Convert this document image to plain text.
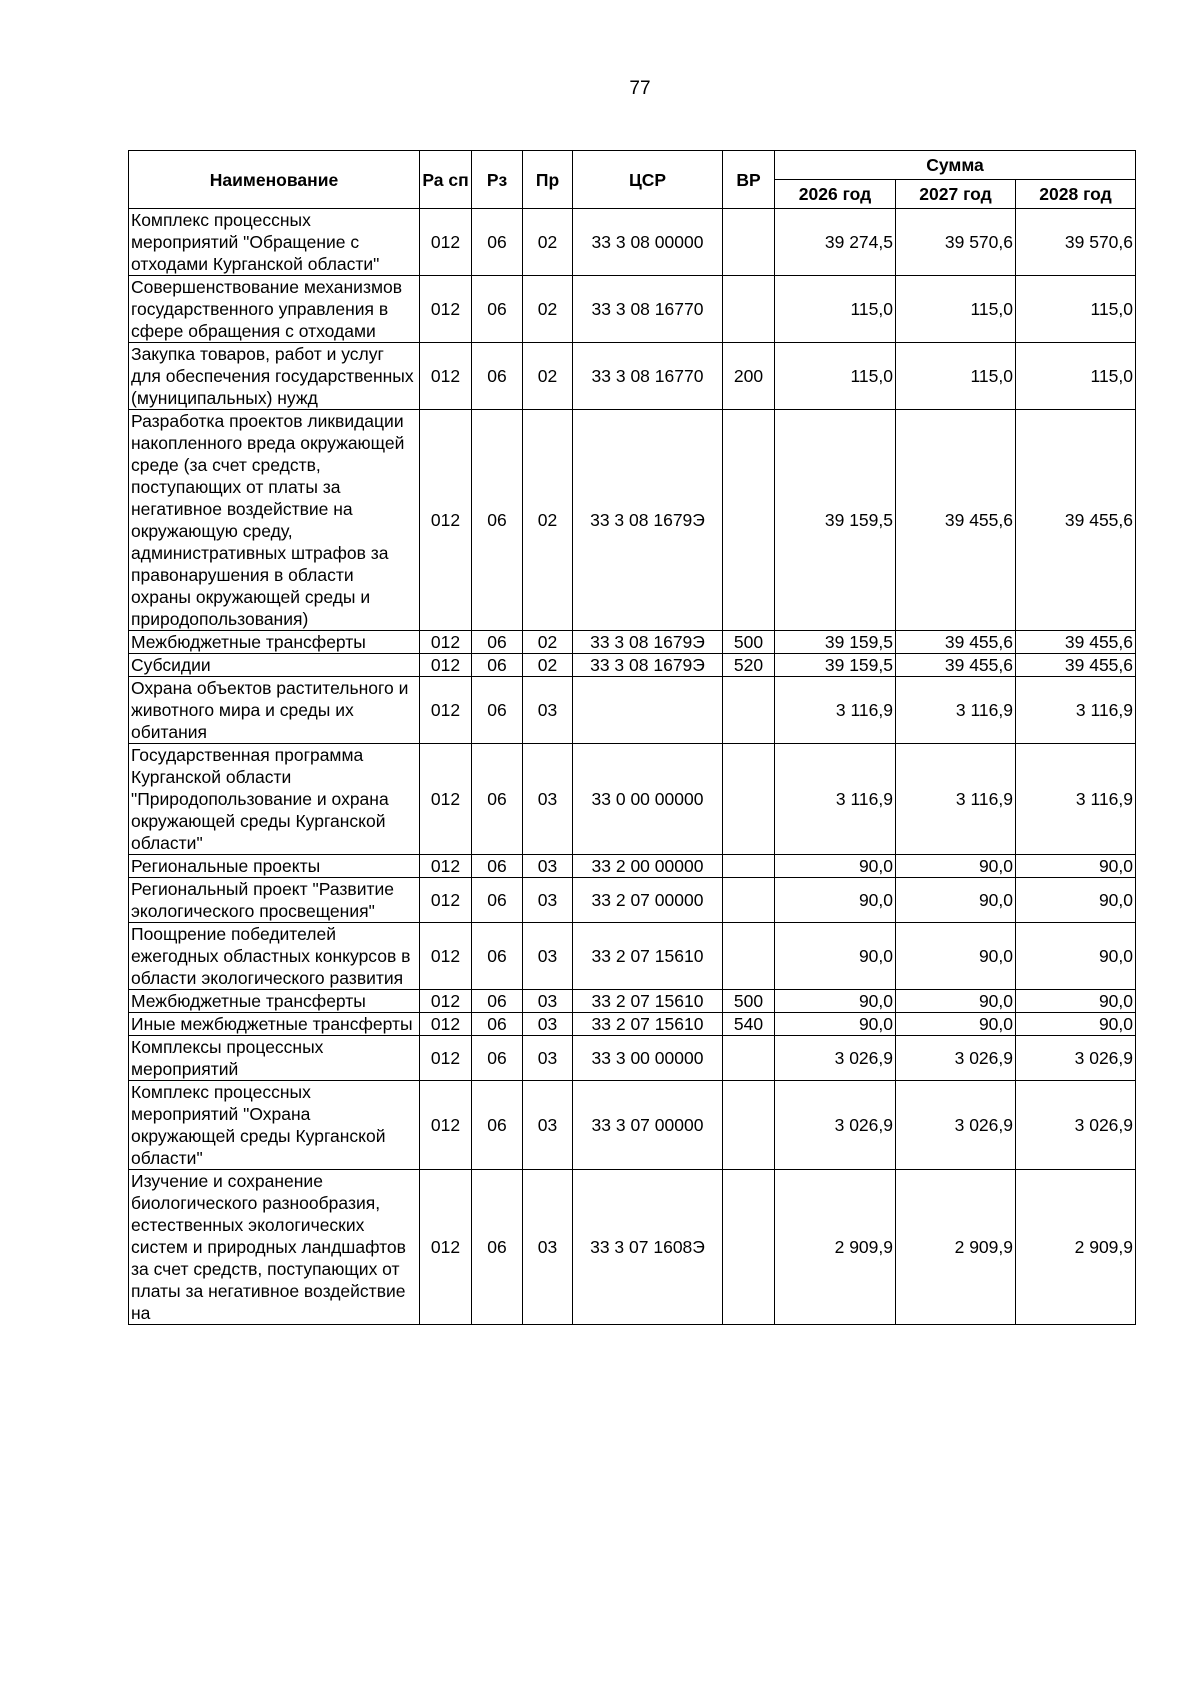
77
Наименование	Ра сп	Рз	Пр	ЦСР	ВР	Сумма		
						2026 год	2027 год	2028 год
Комплекс процессных мероприятий "Обращение с отходами Курганской области"	012	06	02	33 3 08 00000		39 274,5	39 570,6	39 570,6
Совершенствование механизмов государственного управления в сфере обращения с отходами	012	06	02	33 3 08 16770		115,0	115,0	115,0
Закупка товаров, работ и услуг для обеспечения государственных (муниципальных) нужд	012	06	02	33 3 08 16770	200	115,0	115,0	115,0
Разработка проектов ликвидации накопленного вреда окружающей среде (за счет средств, поступающих от платы за негативное воздействие на окружающую среду, административных штрафов за правонарушения в области охраны окружающей среды и природопользования)	012	06	02	33 3 08 1679Э		39 159,5	39 455,6	39 455,6
Межбюджетные трансферты	012	06	02	33 3 08 1679Э	500	39 159,5	39 455,6	39 455,6
Субсидии	012	06	02	33 3 08 1679Э	520	39 159,5	39 455,6	39 455,6
Охрана объектов растительного и животного мира и среды их обитания	012	06	03			3 116,9	3 116,9	3 116,9
Государственная программа Курганской области "Природопользование и охрана окружающей среды Курганской области"	012	06	03	33 0 00 00000		3 116,9	3 116,9	3 116,9
Региональные проекты	012	06	03	33 2 00 00000		90,0	90,0	90,0
Региональный проект "Развитие экологического просвещения"	012	06	03	33 2 07 00000		90,0	90,0	90,0
Поощрение победителей ежегодных областных конкурсов в области экологического развития	012	06	03	33 2 07 15610		90,0	90,0	90,0
Межбюджетные трансферты	012	06	03	33 2 07 15610	500	90,0	90,0	90,0
Иные межбюджетные трансферты	012	06	03	33 2 07 15610	540	90,0	90,0	90,0
Комплексы процессных мероприятий	012	06	03	33 3 00 00000		3 026,9	3 026,9	3 026,9
Комплекс процессных мероприятий "Охрана окружающей среды Курганской области"	012	06	03	33 3 07 00000		3 026,9	3 026,9	3 026,9
Изучение и сохранение биологического разнообразия, естественных экологических систем и природных ландшафтов за счет средств, поступающих от платы за негативное воздействие на	012	06	03	33 3 07 1608Э		2 909,9	2 909,9	2 909,9
